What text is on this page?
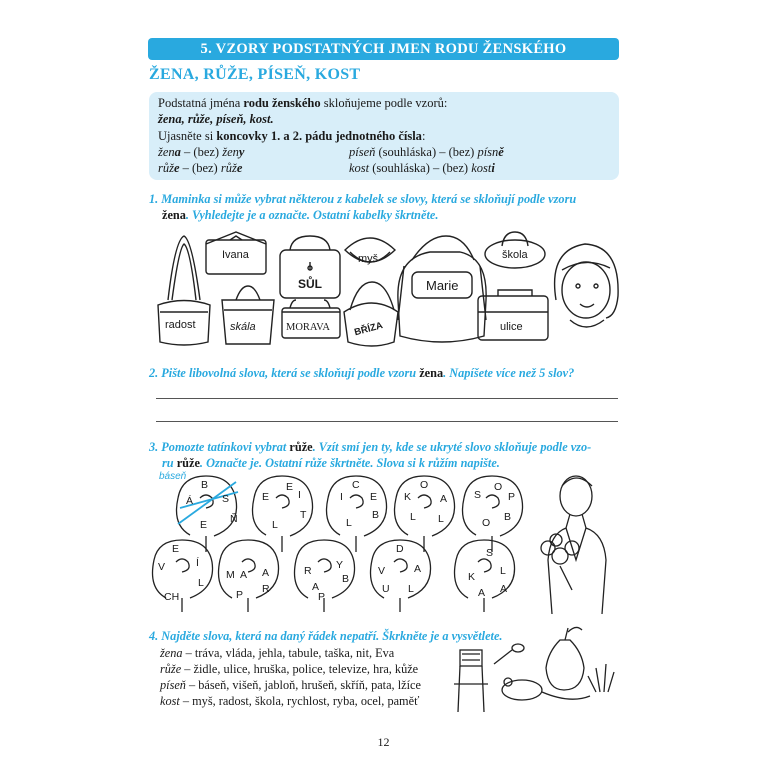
5. VZORY PODSTATNÝCH JMEN RODU ŽENSKÉHO
ŽENA, RŮŽE, PÍSEŇ, KOST
Podstatná jména rodu ženského skloňujeme podle vzorů:
žena, růže, píseň, kost.
Ujasněte si koncovky 1. a 2. pádu jednotného čísla:
žena – (bez) ženy	píseň (souhláska) – (bez) písně
růže – (bez) růže	kost (souhláska) – (bez) kosti
1. Maminka si může vybrat některou z kabelek se slovy, která se skloňují podle vzoru
žena. Vyhledejte je a označte. Ostatní kabelky škrtněte.
Ivana	myš	škola
SŮL	Marie
radost	skála	MORAVA BŘÍZA	ulice
B
Á	S
E Ň
E
L
I
T
E
I
C
E
L
B
O
K
L
A
L
S
O
P
B
O
E
V	Í
L
CH
M A A
R
P
R
A
Y
B
P
D
V	A
U L
S
K
A
L
A
báseň
2. Pište libovolná slova, která se skloňují podle vzoru žena. Napíšete více než 5 slov?
3. Pomozte tatínkovi vybrat růže. Vzít smí jen ty, kde se ukryté slovo skloňuje podle vzo-
ru růže. Označte je. Ostatní růže škrtněte. Slova si k růžím napište.
4. Najděte slova, která na daný řádek nepatří. Škrkněte je a vysvětlete.
žena – tráva, vláda, jehla, tabule, taška, nit, Eva
růže – židle, ulice, hruška, police, televize, hra, kůže
píseň – báseň, višeň, jabloň, hrušeň, skříň, pata, lžíce
kost – myš, radost, škola, rychlost, ryba, ocel, paměť
12
